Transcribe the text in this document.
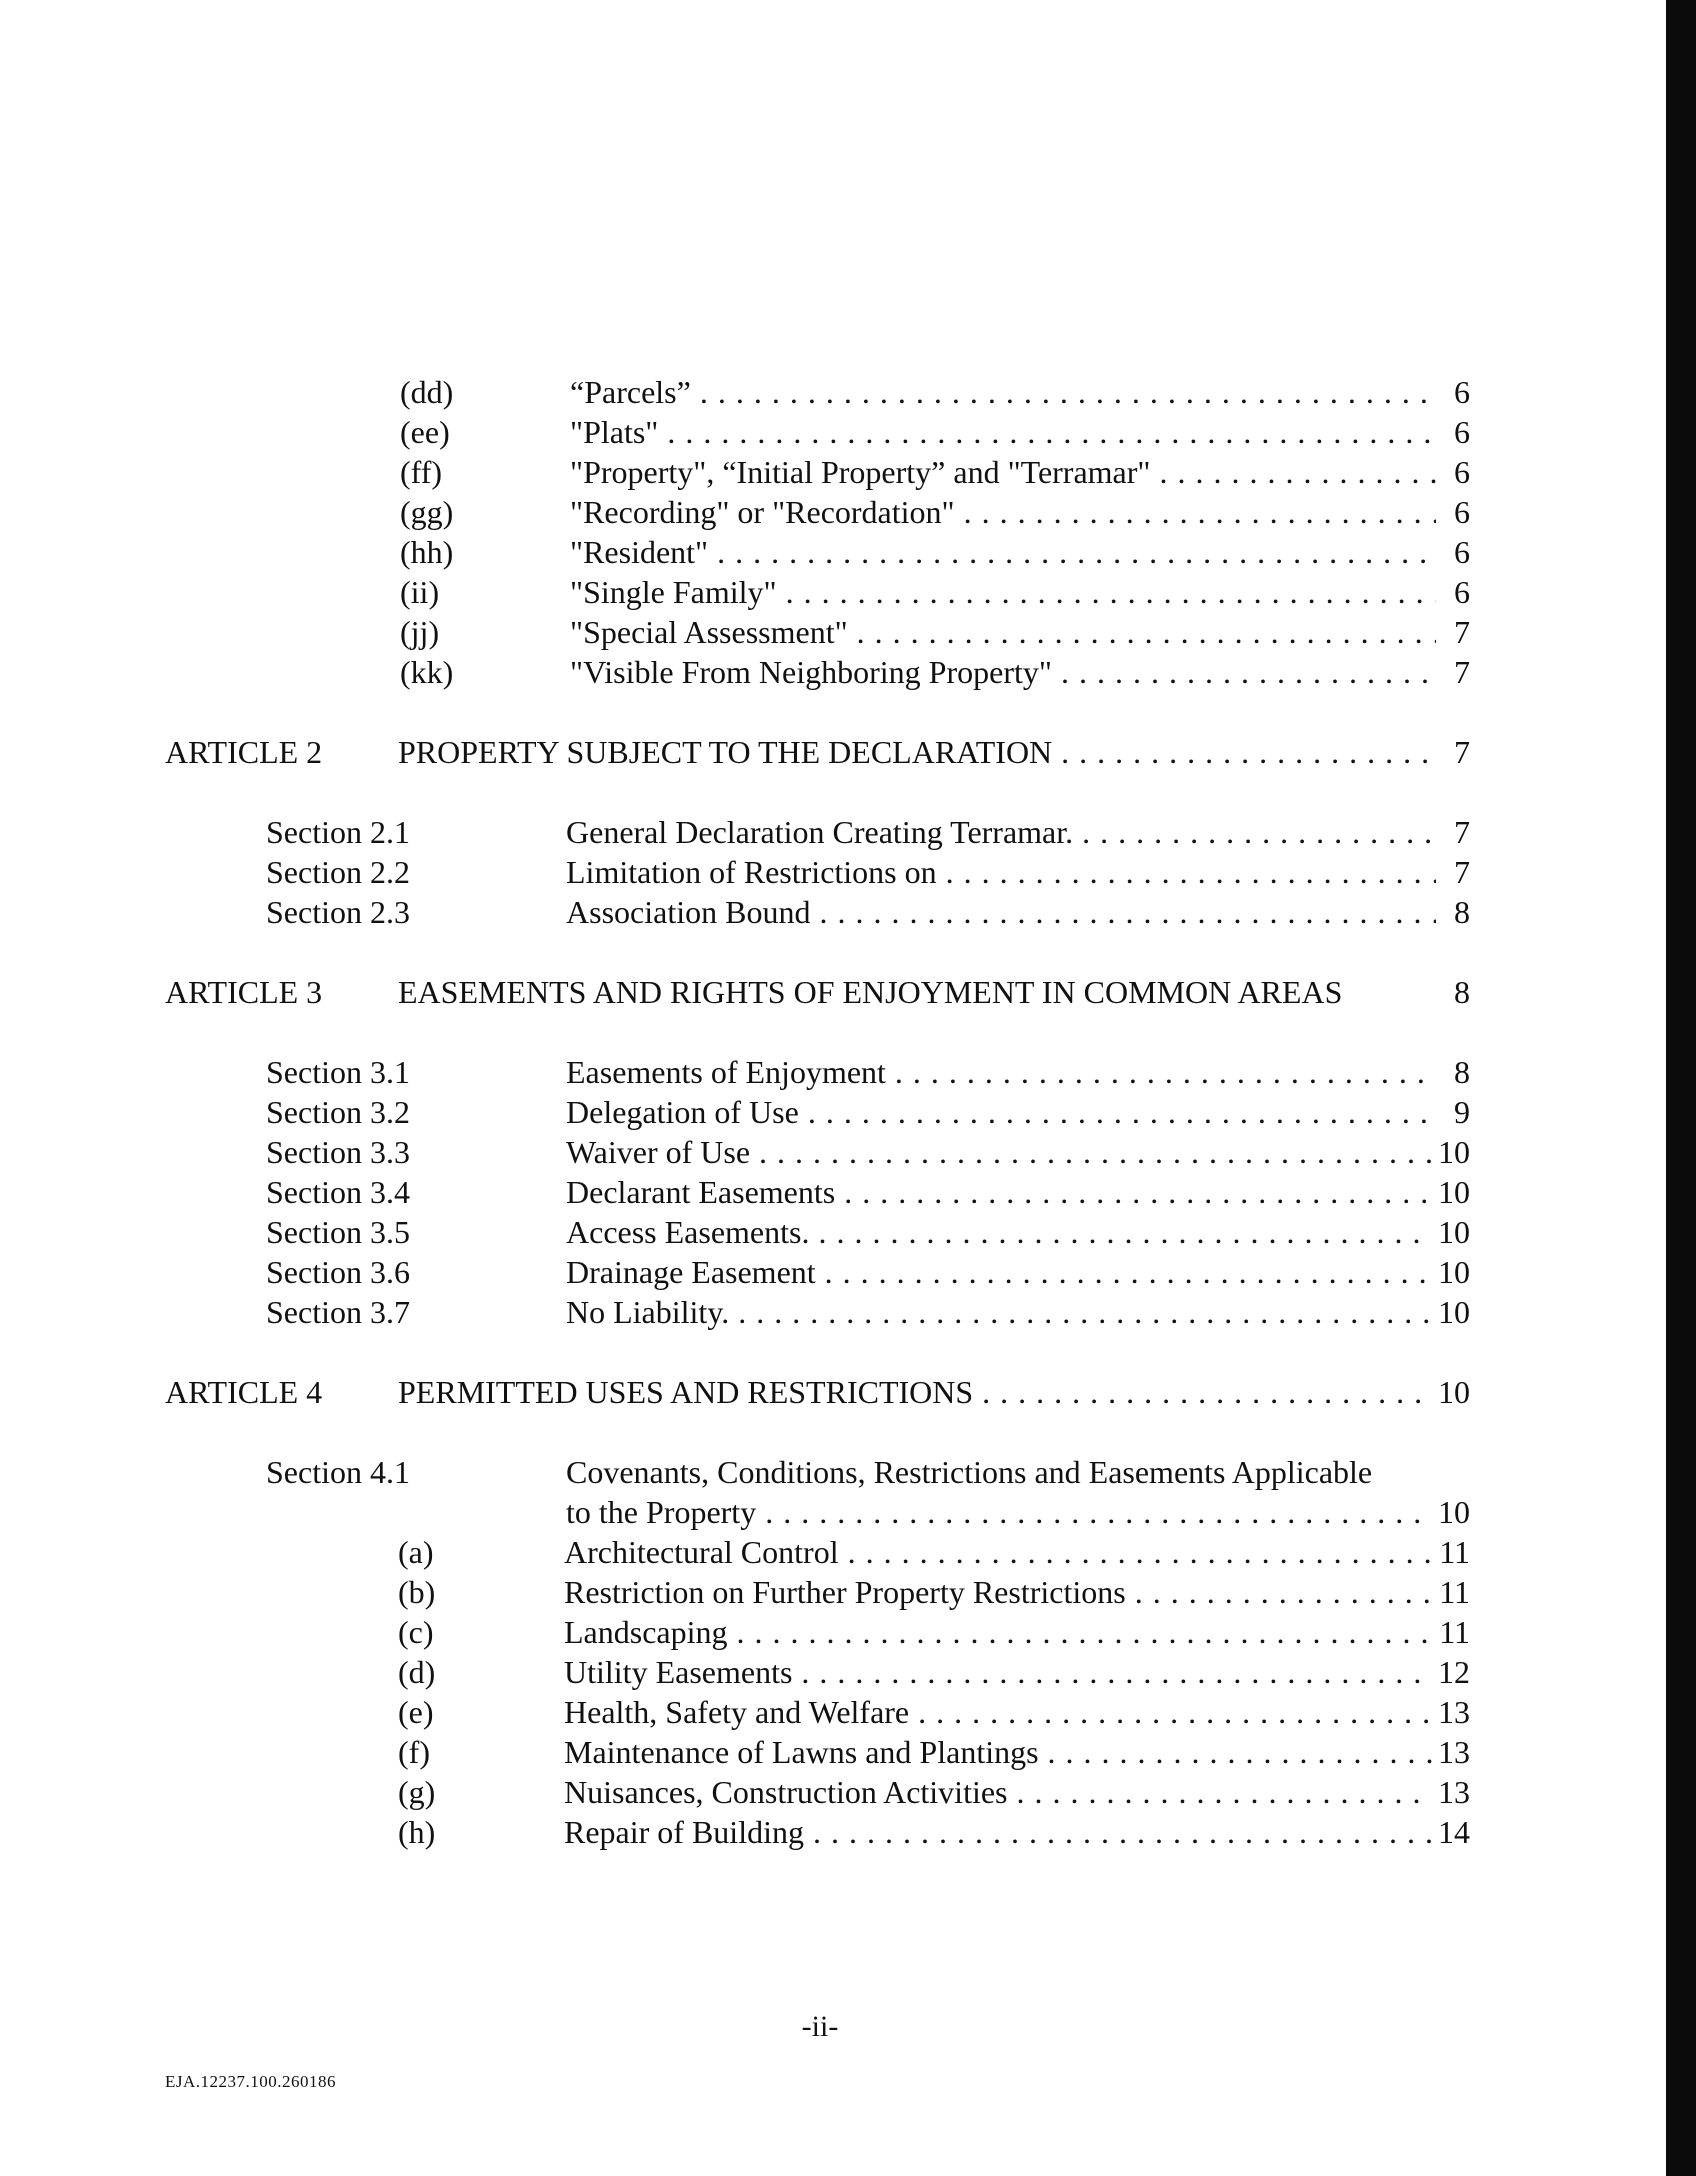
(dd)	“Parcels” . . .	6
(ee)	"Plats" . . .	6
(ff)	"Property", “Initial Property” and "Terramar" . . .	6
(gg)	"Recording" or "Recordation" . . .	6
(hh)	"Resident" . . .	6
(ii)	"Single Family" . . .	6
(jj)	"Special Assessment" . . .	7
(kk)	"Visible From Neighboring Property" . . .	7
ARTICLE 2 PROPERTY SUBJECT TO THE DECLARATION . . .	7
Section 2.1	General Declaration Creating Terramar. . . .	7
Section 2.2	Limitation of Restrictions on . . .	7
Section 2.3	Association Bound . . .	8
ARTICLE 3 EASEMENTS AND RIGHTS OF ENJOYMENT IN COMMON AREAS	8
Section 3.1	Easements of Enjoyment . . .	8
Section 3.2	Delegation of Use . . .	9
Section 3.3	Waiver of Use . . .	10
Section 3.4	Declarant Easements . . .	10
Section 3.5	Access Easements. . . .	10
Section 3.6	Drainage Easement . . .	10
Section 3.7	No Liability. . . .	10
ARTICLE 4 PERMITTED USES AND RESTRICTIONS . . .	10
Section 4.1	Covenants, Conditions, Restrictions and Easements Applicable
to the Property . . .	10
(a)	Architectural Control . . .	11
(b)	Restriction on Further Property Restrictions . . .	11
(c)	Landscaping . . .	11
(d)	Utility Easements . . .	12
(e)	Health, Safety and Welfare . . .	13
(f)	Maintenance of Lawns and Plantings . . .	13
(g)	Nuisances, Construction Activities . . .	13
(h)	Repair of Building . . .	14
-ii-
EJA.12237.100.260186
